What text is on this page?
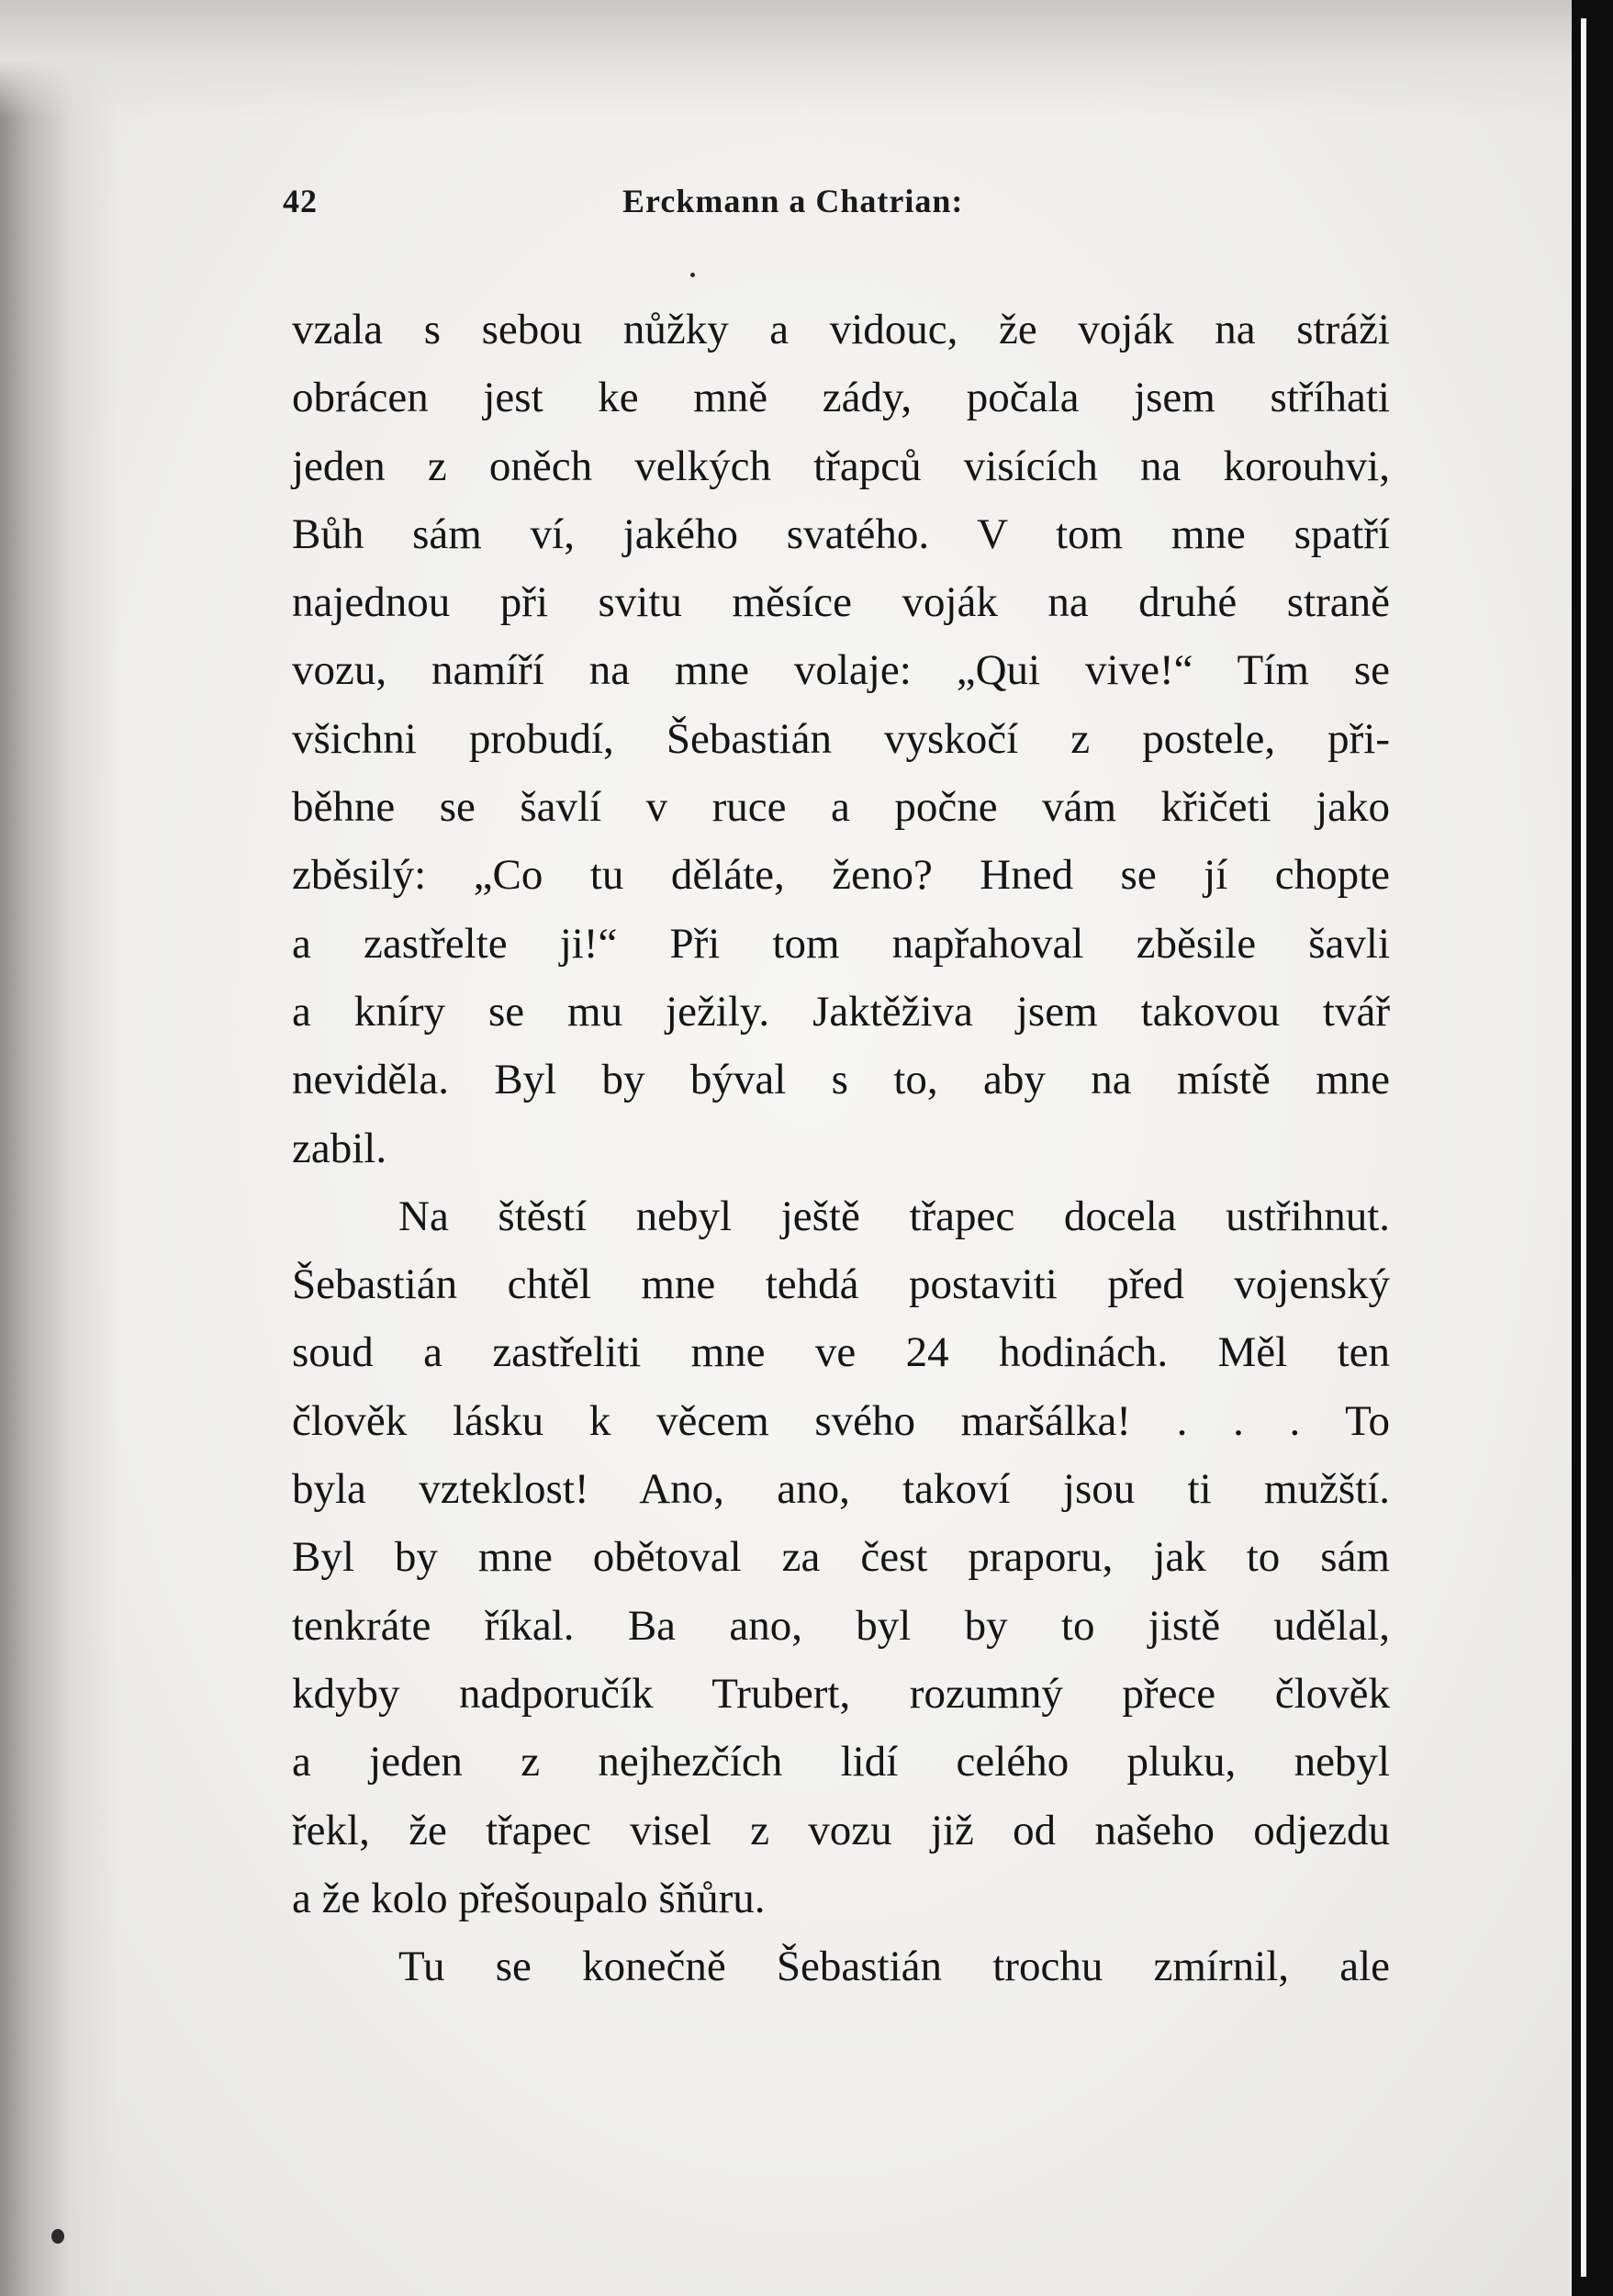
42	Erckmann a Chatrian:
vzala s sebou nůžky a vidouc, že voják na stráži
obrácen jest ke mně zády, počala jsem stříhati
jeden z oněch velkých třapců visících na korouhvi,
Bůh sám ví, jakého svatého. V tom mne spatří
najednou při svitu měsíce voják na druhé straně
vozu, namíří na mne volaje: „Qui vive!“ Tím se
všichni probudí, Šebastián vyskočí z postele, při-
běhne se šavlí v ruce a počne vám křičeti jako
zběsilý: „Co tu děláte, ženo? Hned se jí chopte
a zastřelte ji!“ Při tom napřahoval zběsile šavli
a kníry se mu ježily. Jaktěživa jsem takovou tvář
neviděla. Byl by býval s to, aby na místě mne
zabil.
Na štěstí nebyl ještě třapec docela ustřihnut.
Šebastián chtěl mne tehdá postaviti před vojenský
soud a zastřeliti mne ve 24 hodinách. Měl ten
člověk lásku k věcem svého maršálka! . . . To
byla vzteklost! Ano, ano, takoví jsou ti mužští.
Byl by mne obětoval za čest praporu, jak to sám
tenkráte říkal. Ba ano, byl by to jistě udělal,
kdyby nadporučík Trubert, rozumný přece člověk
a jeden z nejhezčích lidí celého pluku, nebyl
řekl, že třapec visel z vozu již od našeho odjezdu
a že kolo přešoupalo šňůru.
Tu se konečně Šebastián trochu zmírnil, ale
